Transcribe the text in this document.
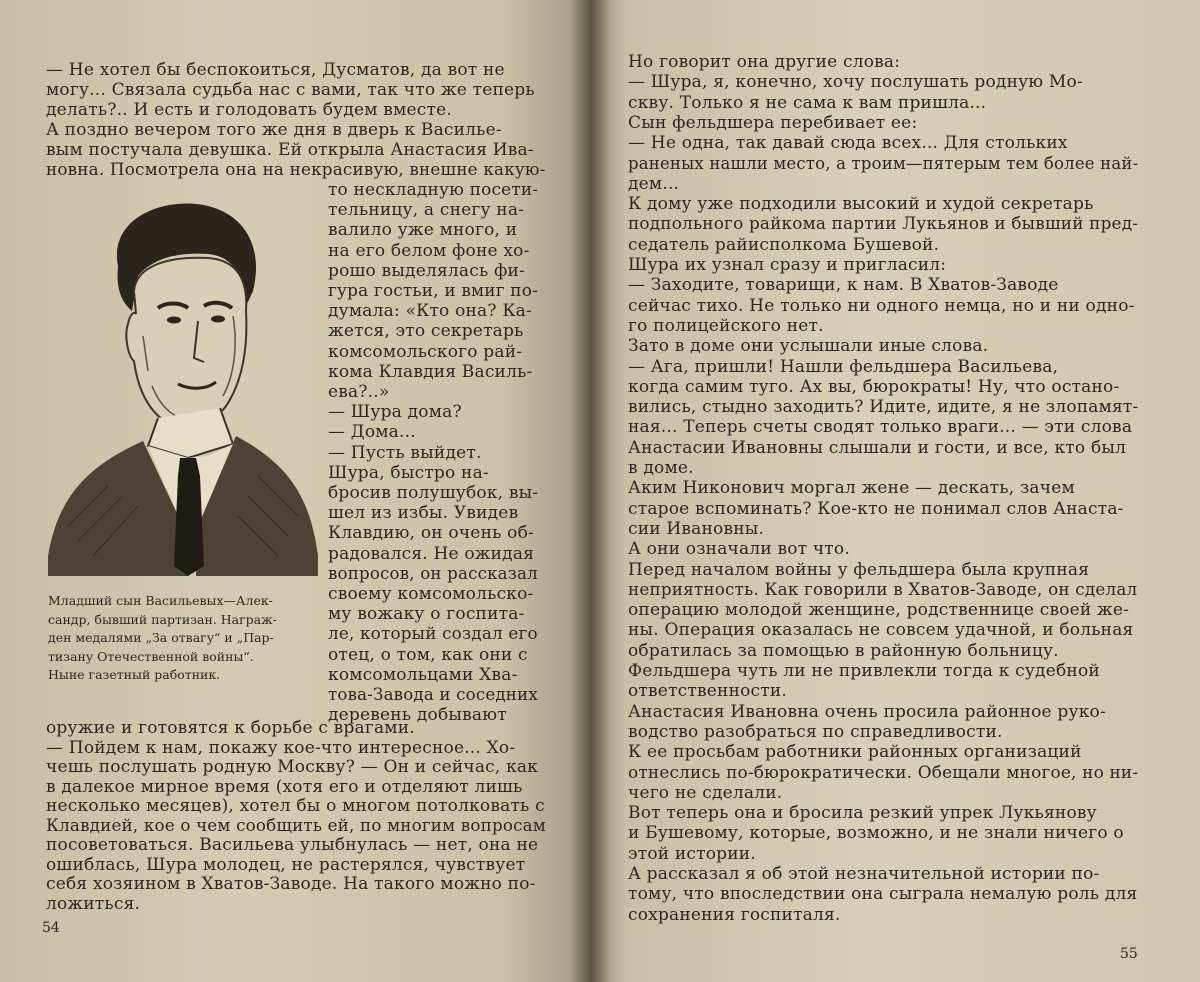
— Не хотел бы беспокоиться, Дусматов, да вот не
могу... Связала судьба нас с вами, так что же теперь
делать?.. И есть и голодовать будем вместе.
А поздно вечером того же дня в дверь к Василье-
вым постучала девушка. Ей открыла Анастасия Ива-
новна. Посмотрела она на некрасивую, внешне какую-
то нескладную посети-
тельницу, а снегу на-
валило уже много, и
на его белом фоне хо-
рошо выделялась фи-
гура гостьи, и вмиг по-
думала: «Кто она? Ка-
жется, это секретарь
комсомольского рай-
кома Клавдия Василь-
ева?..»
— Шура дома?
— Дома...
— Пусть выйдет.
Шура, быстро на-
бросив полушубок, вы-
шел из избы. Увидев
Клавдию, он очень об-
радовался. Не ожидая
вопросов, он рассказал
своему комсомольско-
му вожаку о госпита-
ле, который создал его
отец, о том, как они с
комсомольцами Хва-
това-Завода и соседних
деревень добывают
Младший сын Васильевых—Алек-
сандр, бывший партизан. Награж-
ден медалями „За отвагу“ и „Пар-
тизану Отечественной войны“.
Ныне газетный работник.
оружие и готовятся к борьбе с врагами.
— Пойдем к нам, покажу кое-что интересное... Хо-
чешь послушать родную Москву? — Он и сейчас, как
в далекое мирное время (хотя его и отделяют лишь
несколько месяцев), хотел бы о многом потолковать с
Клавдией, кое о чем сообщить ей, по многим вопросам
посоветоваться. Васильева улыбнулась — нет, она не
ошиблась, Шура молодец, не растерялся, чувствует
себя хозяином в Хватов-Заводе. На такого можно по-
ложиться.
54
Но говорит она другие слова:
— Шура, я, конечно, хочу послушать родную Мо-
скву. Только я не сама к вам пришла...
Сын фельдшера перебивает ее:
— Не одна, так давай сюда всех... Для стольких
раненых нашли место, а троим—пятерым тем более най-
дем...
К дому уже подходили высокий и худой секретарь
подпольного райкома партии Лукьянов и бывший пред-
седатель райисполкома Бушевой.
Шура их узнал сразу и пригласил:
— Заходите, товарищи, к нам. В Хватов-Заводе
сейчас тихо. Не только ни одного немца, но и ни одно-
го полицейского нет.
Зато в доме они услышали иные слова.
— Ага, пришли! Нашли фельдшера Васильева,
когда самим туго. Ах вы, бюрократы! Ну, что остано-
вились, стыдно заходить? Идите, идите, я не злопамят-
ная... Теперь счеты сводят только враги... — эти слова
Анастасии Ивановны слышали и гости, и все, кто был
в доме.
Аким Никонович моргал жене — дескать, зачем
старое вспоминать? Кое-кто не понимал слов Анаста-
сии Ивановны.
А они означали вот что.
Перед началом войны у фельдшера была крупная
неприятность. Как говорили в Хватов-Заводе, он сделал
операцию молодой женщине, родственнице своей же-
ны. Операция оказалась не совсем удачной, и больная
обратилась за помощью в районную больницу.
Фельдшера чуть ли не привлекли тогда к судебной
ответственности.
Анастасия Ивановна очень просила районное руко-
водство разобраться по справедливости.
К ее просьбам работники районных организаций
отнеслись по-бюрократически. Обещали многое, но ни-
чего не сделали.
Вот теперь она и бросила резкий упрек Лукьянову
и Бушевому, которые, возможно, и не знали ничего о
этой истории.
А рассказал я об этой незначительной истории по-
тому, что впоследствии она сыграла немалую роль для
сохранения госпиталя.
55
